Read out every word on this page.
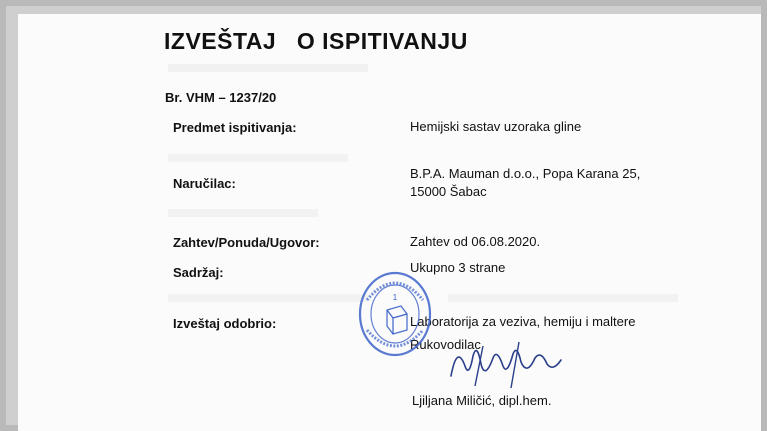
IZVEŠTAJ   O ISPITIVANJU
Br. VHM – 1237/20
Predmet ispitivanja:	Hemijski sastav uzoraka gline
Naručilac:
B.P.A. Mauman d.o.o., Popa Karana 25,
15000 Šabac
Zahtev/Ponuda/Ugovor:	Zahtev od 06.08.2020.
Sadržaj:	Ukupno 3 strane
Izveštaj odobrio:	Laboratorija za veziva, hemiju i maltere
Rukovodilac
1
Ljiljana Miličić, dipl.hem.
